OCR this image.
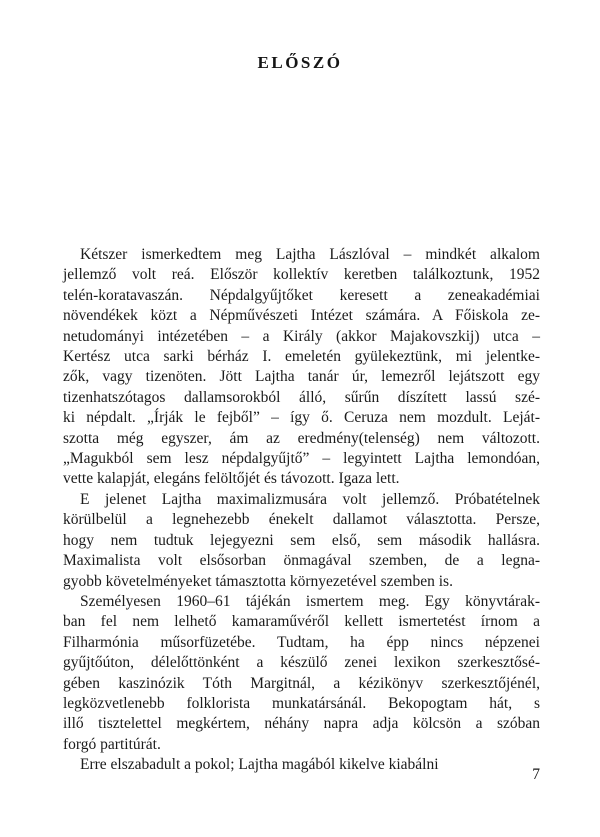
ELŐSZÓ
Kétszer ismerkedtem meg Lajtha Lászlóval – mindkét alkalom
jellemző volt reá. Először kollektív keretben találkoztunk, 1952
telén-koratavaszán. Népdalgyűjtőket keresett a zeneakadémiai
növendékek közt a Népművészeti Intézet számára. A Főiskola ze-
netudományi intézetében – a Király (akkor Majakovszkij) utca –
Kertész utca sarki bérház I. emeletén gyülekeztünk, mi jelentke-
zők, vagy tizenöten. Jött Lajtha tanár úr, lemezről lejátszott egy
tizenhatszótagos dallamsorokból álló, sűrűn díszített lassú szé-
ki népdalt. „Írják le fejből” – így ő. Ceruza nem mozdult. Leját-
szotta még egyszer, ám az eredmény(telenség) nem változott.
„Magukból sem lesz népdalgyűjtő” – legyintett Lajtha lemondóan,
vette kalapját, elegáns felöltőjét és távozott. Igaza lett.
E jelenet Lajtha maximalizmusára volt jellemző. Próbatételnek
körülbelül a legnehezebb énekelt dallamot választotta. Persze,
hogy nem tudtuk lejegyezni sem első, sem második hallásra.
Maximalista volt elsősorban önmagával szemben, de a legna-
gyobb követelményeket támasztotta környezetével szemben is.
Személyesen 1960–61 tájékán ismertem meg. Egy könyvtárak-
ban fel nem lelhető kamaraművéről kellett ismertetést írnom a
Filharmónia műsorfüzetébe. Tudtam, ha épp nincs népzenei
gyűjtőúton, délelőttönként a készülő zenei lexikon szerkesztősé-
gében kaszinózik Tóth Margitnál, a kézikönyv szerkesztőjénél,
legközvetlenebb folklorista munkatársánál. Bekopogtam hát, s
illő tisztelettel megkértem, néhány napra adja kölcsön a szóban
forgó partitúrát.
Erre elszabadult a pokol; Lajtha magából kikelve kiabálni
7
